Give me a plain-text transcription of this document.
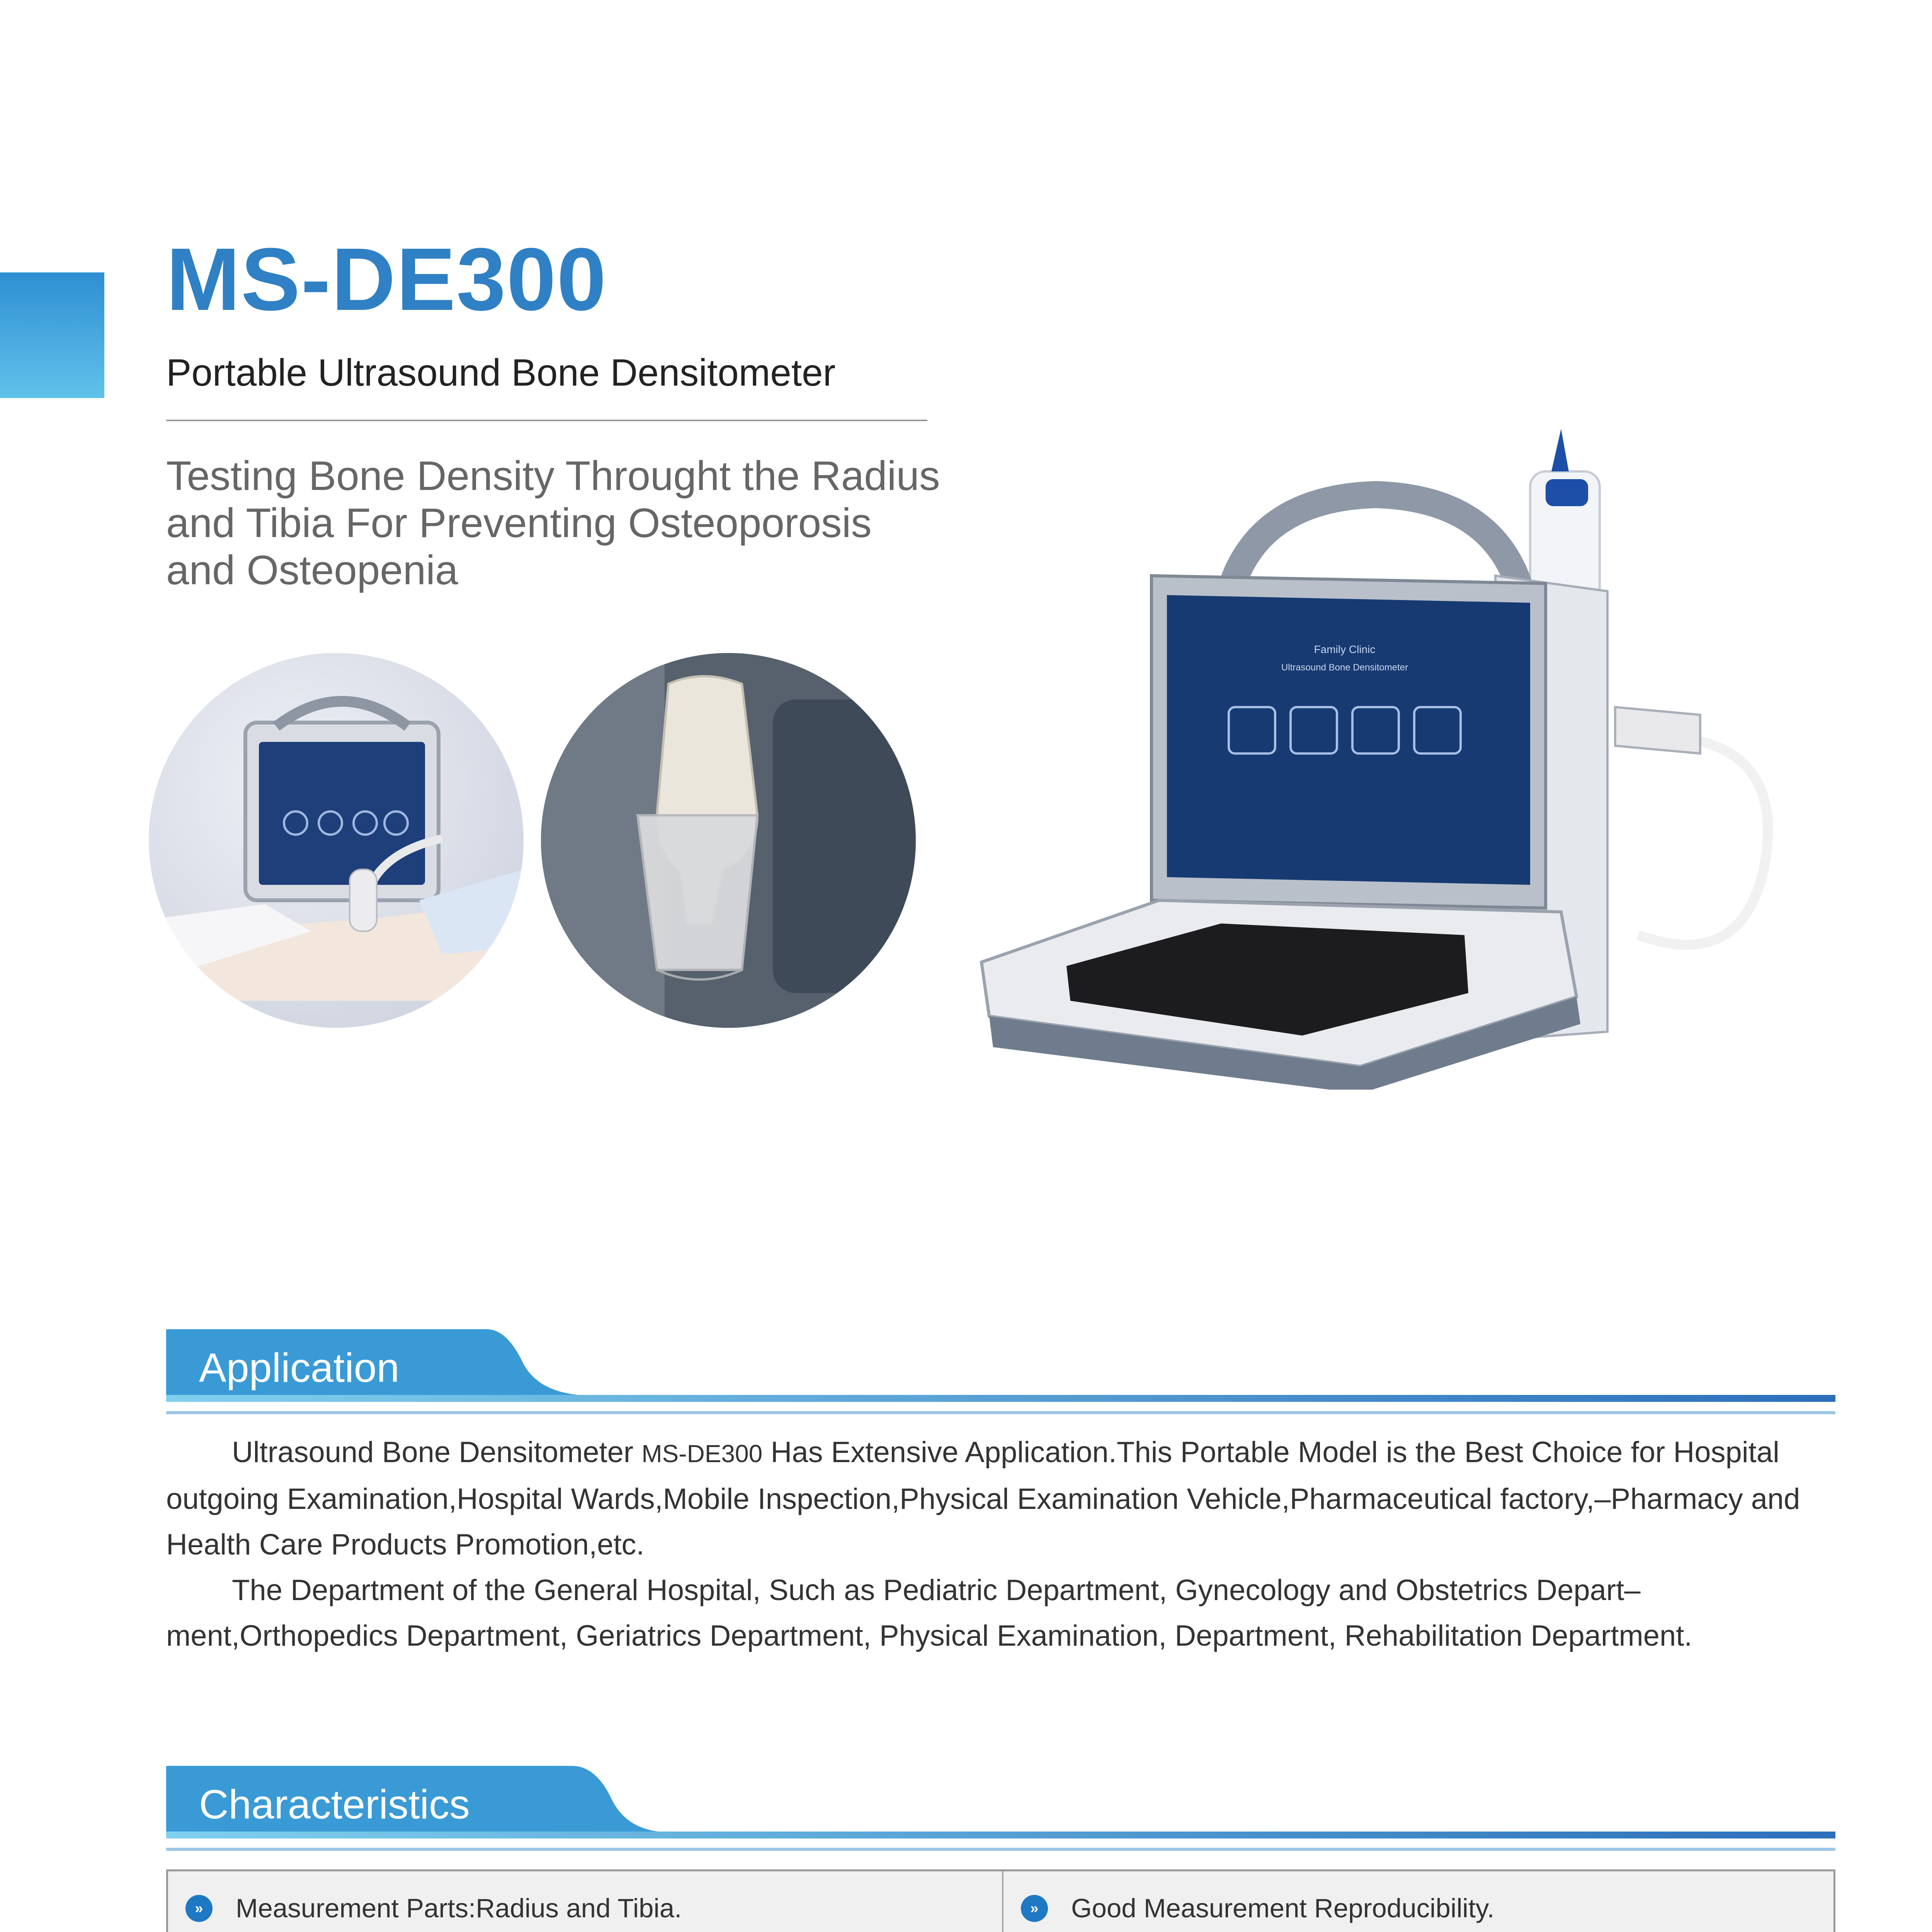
MS-DE300
Portable Ultrasound Bone Densitometer
Testing Bone Density Throught the Radius
and Tibia For Preventing Osteoporosis
and Osteopenia
Family Clinic
Ultrasound Bone Densitometer
Application

Ultrasound Bone Densitometer MS-DE300 Has Extensive Application.This Portable Model is the Best Choice for Hospital outgoing Examination,Hospital Wards,Mobile Inspection,Physical Examination Vehicle,Pharmaceutical factory,–Pharmacy and Health Care Products Promotion,etc.

The Department of the General Hospital, Such as Pediatric Department, Gynecology and Obstetrics Depart–ment,Orthopedics Department, Geriatrics Department, Physical Examination, Department, Rehabilitation Department.

Characteristics
»	Measurement Parts:Radius and Tibia.	»	Good Measurement Reproducibility.
